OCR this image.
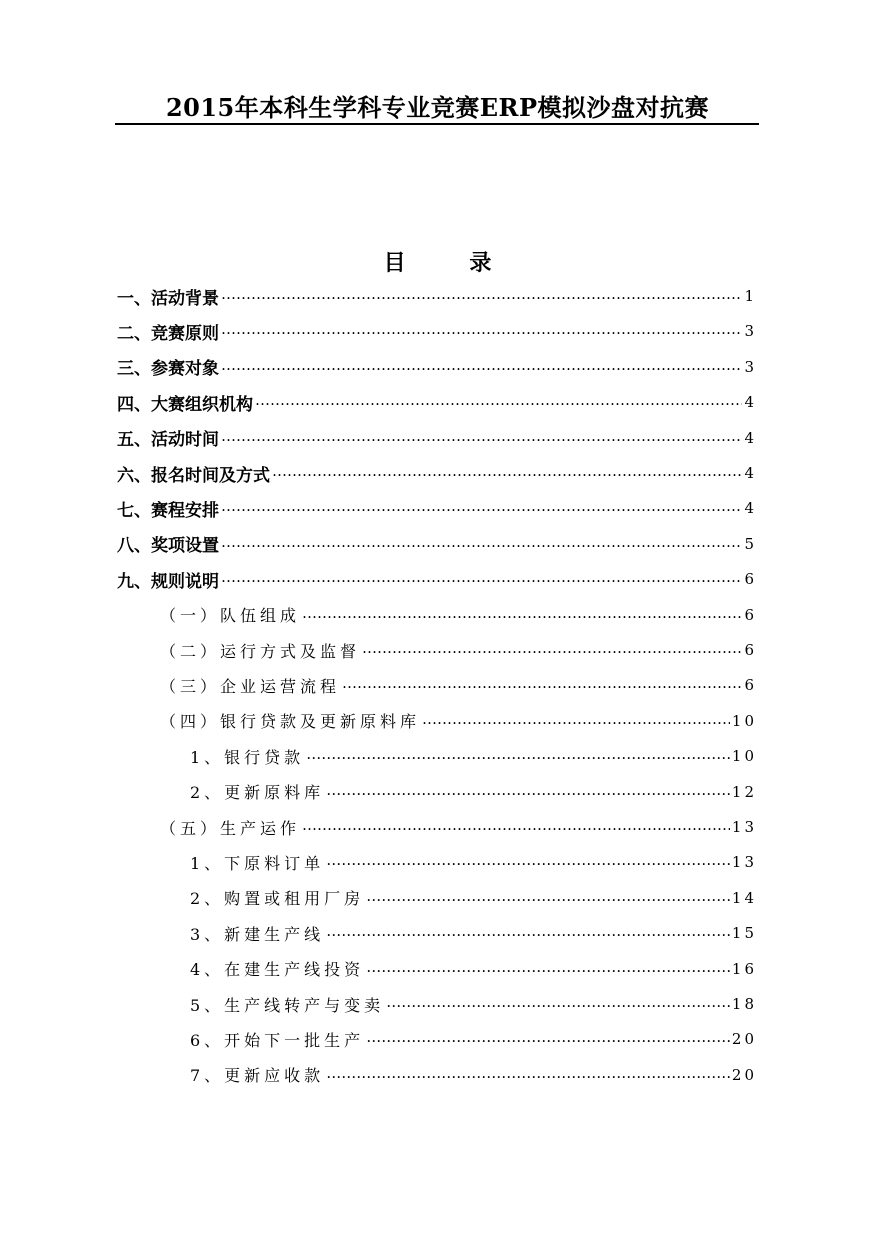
2015年本科生学科专业竞赛ERP模拟沙盘对抗赛
目 录
一、活动背景 ……………………………………………………………………………………………………………………………………………………………………………………………………………	1
二、竞赛原则 ……………………………………………………………………………………………………………………………………………………………………………………………………………	3
三、参赛对象 ……………………………………………………………………………………………………………………………………………………………………………………………………………	3
四、大赛组织机构 ……………………………………………………………………………………………………………………………………………………………………………………………………………	4
五、活动时间 ……………………………………………………………………………………………………………………………………………………………………………………………………………	4
六、报名时间及方式 ……………………………………………………………………………………………………………………………………………………………………………………………………………	4
七、赛程安排 ……………………………………………………………………………………………………………………………………………………………………………………………………………	4
八、奖项设置 ……………………………………………………………………………………………………………………………………………………………………………………………………………	5
九、规则说明 ……………………………………………………………………………………………………………………………………………………………………………………………………………	6
（一）队伍组成 ……………………………………………………………………………………………………………………………………………………………………………………………………………	6
（二）运行方式及监督 ……………………………………………………………………………………………………………………………………………………………………………………………………………	6
（三）企业运营流程 ……………………………………………………………………………………………………………………………………………………………………………………………………………	6
（四）银行贷款及更新原料库 ……………………………………………………………………………………………………………………………………………………………………………………………………………	10
1、银行贷款 ……………………………………………………………………………………………………………………………………………………………………………………………………………	10
2、更新原料库 ……………………………………………………………………………………………………………………………………………………………………………………………………………	12
（五）生产运作 ……………………………………………………………………………………………………………………………………………………………………………………………………………	13
1、下原料订单 ……………………………………………………………………………………………………………………………………………………………………………………………………………	13
2、购置或租用厂房 ……………………………………………………………………………………………………………………………………………………………………………………………………………	14
3、新建生产线 ……………………………………………………………………………………………………………………………………………………………………………………………………………	15
4、在建生产线投资 ……………………………………………………………………………………………………………………………………………………………………………………………………………	16
5、生产线转产与变卖 ……………………………………………………………………………………………………………………………………………………………………………………………………………	18
6、开始下一批生产 ……………………………………………………………………………………………………………………………………………………………………………………………………………	20
7、更新应收款 ……………………………………………………………………………………………………………………………………………………………………………………………………………	20
